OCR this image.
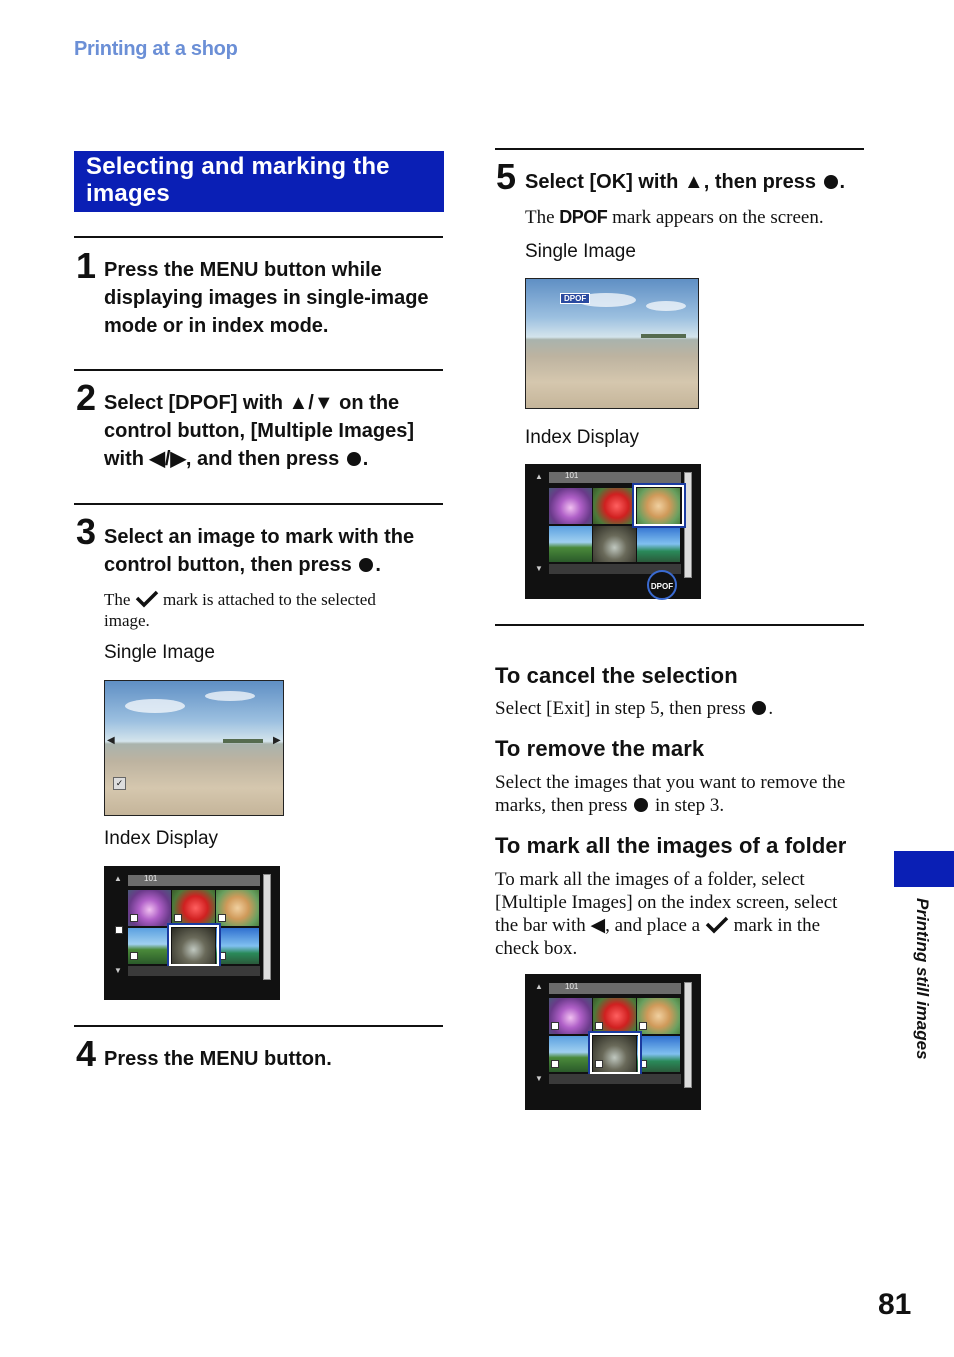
Printing at a shop
Selecting and marking the images
1 Press the MENU button while displaying images in single-image mode or in index mode.
2 Select [DPOF] with ▲/▼ on the control button, [Multiple Images] with ◀/▶, and then press .
3 Select an image to mark with the control button, then press .
The mark is attached to the selected image.
Single Image
◀	▶
✓
Index Display
▲
▼
101
4 Press the MENU button.
5 Select [OK] with ▲, then press .
The DPOF mark appears on the screen.
Single Image
DPOF
Index Display
▲
▼
101
DPOF
To cancel the selection
Select [Exit] in step 5, then press .
To remove the mark
Select the images that you want to remove the marks, then press in step 3.
To mark all the images of a folder
To mark all the images of a folder, select [Multiple Images] on the index screen, select the bar with ◀, and place a mark in the check box.
▲
▼
101	Printing still images
81
